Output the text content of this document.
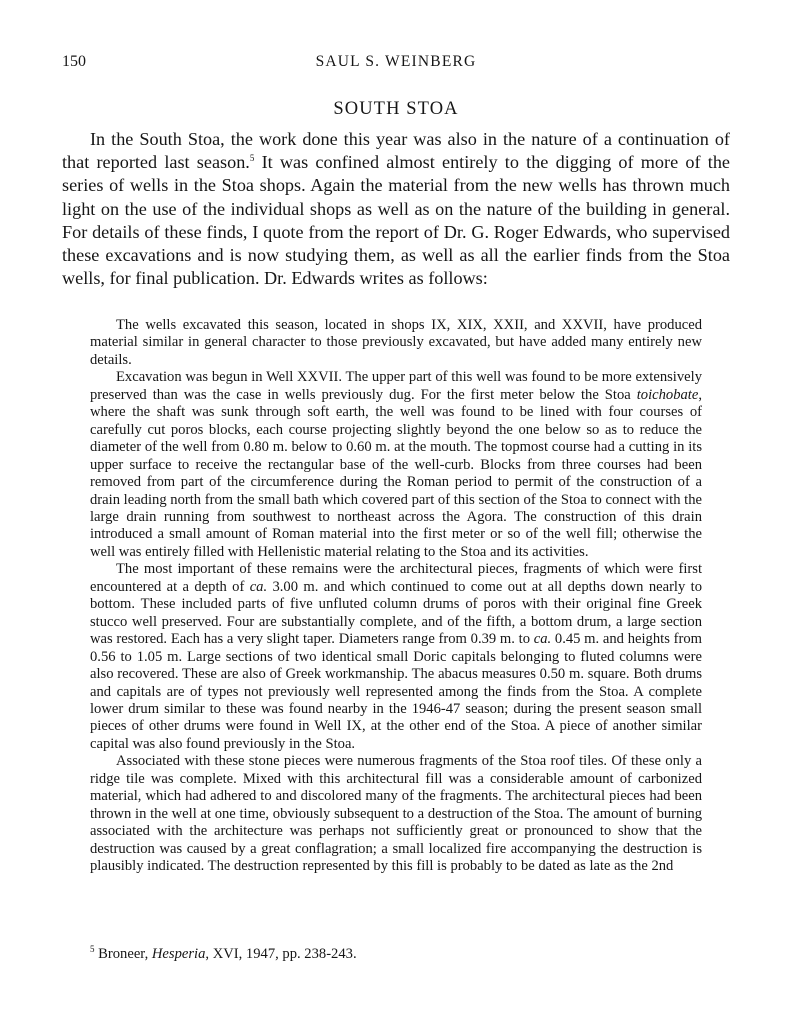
150	SAUL S. WEINBERG
SOUTH STOA

In the South Stoa, the work done this year was also in the nature of a continuation of that reported last season.$^5$ It was confined almost entirely to the digging of more of the series of wells in the Stoa shops. Again the material from the new wells has thrown much light on the use of the individual shops as well as on the nature of the building in general. For details of these finds, I quote from the report of Dr. G. Roger Edwards, who supervised these excavations and is now studying them, as well as all the earlier finds from the Stoa wells, for final publication. Dr. Edwards writes as follows:

The wells excavated this season, located in shops IX, XIX, XXII, and XXVII, have produced material similar in general character to those previously excavated, but have added many entirely new details.

Excavation was begun in Well XXVII. The upper part of this well was found to be more extensively preserved than was the case in wells previously dug. For the first meter below the Stoa toichobate, where the shaft was sunk through soft earth, the well was found to be lined with four courses of carefully cut poros blocks, each course projecting slightly beyond the one below so as to reduce the diameter of the well from 0.80 m. below to 0.60 m. at the mouth. The topmost course had a cutting in its upper surface to receive the rectangular base of the well-curb. Blocks from three courses had been removed from part of the circumference during the Roman period to permit of the construction of a drain leading north from the small bath which covered part of this section of the Stoa to connect with the large drain running from southwest to northeast across the Agora. The construction of this drain introduced a small amount of Roman material into the first meter or so of the well fill; otherwise the well was entirely filled with Hellenistic material relating to the Stoa and its activities.

The most important of these remains were the architectural pieces, fragments of which were first encountered at a depth of ca. 3.00 m. and which continued to come out at all depths down nearly to bottom. These included parts of five unfluted column drums of poros with their original fine Greek stucco well preserved. Four are substantially complete, and of the fifth, a bottom drum, a large section was restored. Each has a very slight taper. Diameters range from 0.39 m. to ca. 0.45 m. and heights from 0.56 to 1.05 m. Large sections of two identical small Doric capitals belonging to fluted columns were also recovered. These are also of Greek workmanship. The abacus measures 0.50 m. square. Both drums and capitals are of types not previously well represented among the finds from the Stoa. A complete lower drum similar to these was found nearby in the 1946-47 season; during the present season small pieces of other drums were found in Well IX, at the other end of the Stoa. A piece of another similar capital was also found previously in the Stoa.

Associated with these stone pieces were numerous fragments of the Stoa roof tiles. Of these only a ridge tile was complete. Mixed with this architectural fill was a considerable amount of carbonized material, which had adhered to and discolored many of the fragments. The architectural pieces had been thrown in the well at one time, obviously subsequent to a destruction of the Stoa. The amount of burning associated with the architecture was perhaps not sufficiently great or pronounced to show that the destruction was caused by a great conflagration; a small localized fire accompanying the destruction is plausibly indicated. The destruction represented by this fill is probably to be dated as late as the 2nd

$^5$ Broneer, Hesperia, XVI, 1947, pp. 238-243.
